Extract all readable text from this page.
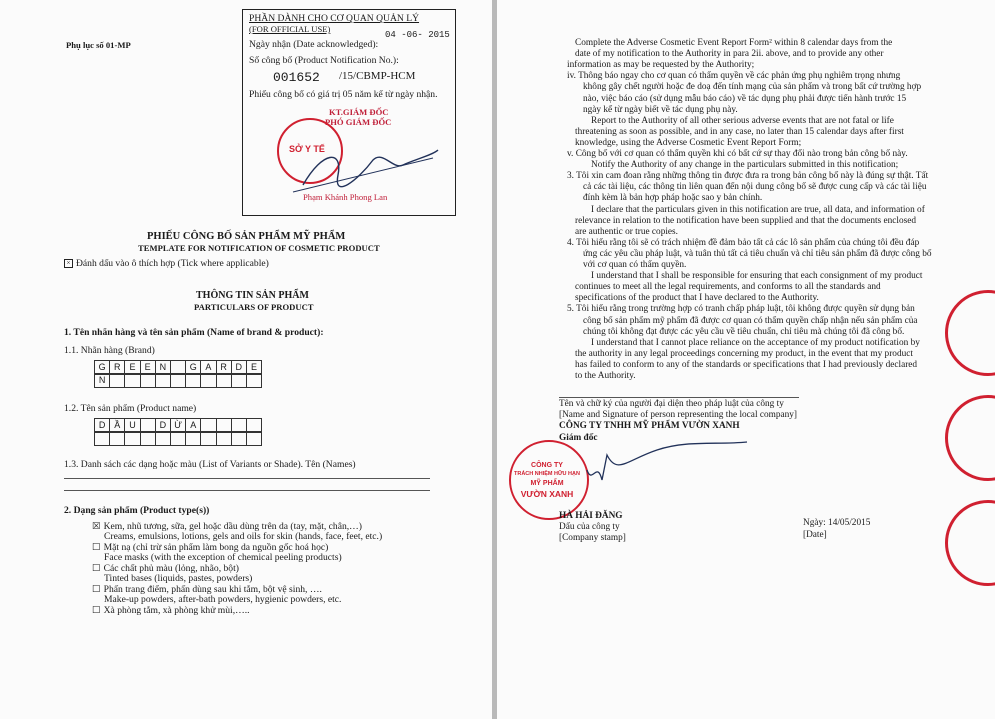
Phụ lục số 01-MP
PHẦN DÀNH CHO CƠ QUAN QUẢN LÝ
(FOR OFFICIAL USE)
Ngày nhận (Date acknowledged):
04 -06- 2015
Số công bố (Product Notification No.):
001652 /15/CBMP-HCM
Phiếu công bố có giá trị 05 năm kể từ ngày nhận.
KT.GIÁM ĐỐC
PHÓ GIÁM ĐỐC
SỞ Y TẾ
Phạm Khánh Phong Lan
PHIẾU CÔNG BỐ SẢN PHẨM MỸ PHẨM
TEMPLATE FOR NOTIFICATION OF COSMETIC PRODUCT
× Đánh dấu vào ô thích hợp (Tick where applicable)
THÔNG TIN SẢN PHẨM
PARTICULARS OF PRODUCT
1. Tên nhãn hàng và tên sản phẩm (Name of brand & product):
1.1. Nhãn hàng (Brand)
G R E	E N	G A R D E
N
1.2. Tên sản phẩm (Product name)
D Ầ U	D Ừ A
1.3. Danh sách các dạng hoặc màu (List of Variants or Shade). Tên (Names)
2. Dạng sản phẩm (Product type(s))
☒ Kem, nhũ tương, sữa, gel hoặc dầu dùng trên da (tay, mặt, chân,…)
Creams, emulsions, lotions, gels and oils for skin (hands, face, feet, etc.)
☐ Mặt nạ (chỉ trừ sản phẩm làm bong da nguồn gốc hoá học)
Face masks (with the exception of chemical peeling products)
☐ Các chất phủ màu (lỏng, nhão, bột)
Tinted bases (liquids, pastes, powders)
☐ Phấn trang điểm, phấn dùng sau khi tắm, bột vệ sinh, ….
Make-up powders, after-bath powders, hygienic powders, etc.
☐ Xà phòng tắm, xà phòng khử mùi,…..
Complete the Adverse Cosmetic Event Report Form² within 8 calendar days from the
date of my notification to the Authority in para 2ii. above, and to provide any other
information as may be requested by the Authority;
iv. Thông báo ngay cho cơ quan có thẩm quyền về các phản ứng phụ nghiêm trọng nhưng
không gây chết người hoặc đe doạ đến tính mạng của sản phẩm và trong bất cứ trường hợp
nào, việc báo cáo (sử dụng mẫu báo cáo) về tác dụng phụ phải được tiến hành trước 15
ngày kể từ ngày biết về tác dụng phụ này.
Report to the Authority of all other serious adverse events that are not fatal or life
threatening as soon as possible, and in any case, no later than 15 calendar days after first
knowledge, using the Adverse Cosmetic Event Report Form;
v. Công bố với cơ quan có thẩm quyền khi có bất cứ sự thay đổi nào trong bản công bố này.
Notify the Authority of any change in the particulars submitted in this notification;
3. Tôi xin cam đoan rằng những thông tin được đưa ra trong bản công bố này là đúng sự thật. Tất
cả các tài liệu, các thông tin liên quan đến nội dung công bố sẽ được cung cấp và các tài liệu
đính kèm là bản hợp pháp hoặc sao y bản chính.
I declare that the particulars given in this notification are true, all data, and information of
relevance in relation to the notification have been supplied and that the documents enclosed
are authentic or true copies.
4. Tôi hiểu rằng tôi sẽ có trách nhiệm đề đảm bảo tất cả các lô sản phẩm của chúng tôi đều đáp
ứng các yêu cầu pháp luật, và tuân thủ tất cả tiêu chuẩn và chỉ tiêu sản phẩm đã được công bố
với cơ quan có thẩm quyền.
I understand that I shall be responsible for ensuring that each consignment of my product
continues to meet all the legal requirements, and conforms to all the standards and
specifications of the product that I have declared to the Authority.
5. Tôi hiểu rằng trong trường hợp có tranh chấp pháp luật, tôi không được quyền sử dụng bản
công bố sản phẩm mỹ phẩm đã được cơ quan có thẩm quyền chấp nhận nếu sản phẩm của
chúng tôi không đạt được các yêu cầu về tiêu chuẩn, chỉ tiêu mà chúng tôi đã công bố.
I understand that I cannot place reliance on the acceptance of my product notification by
the authority in any legal proceedings concerning my product, in the event that my product
has failed to conform to any of the standards or specifications that I had previously declared
to the Authority.
Tên và chữ ký của người đại diện theo pháp luật của công ty
[Name and Signature of person representing the local company]
CÔNG TY TNHH MỸ PHẨM VƯỜN XANH
Giám đốc
CÔNG TY
TRÁCH NHIỆM HỮU HẠN
MỸ PHẨM
VƯỜN XANH
HÀ HẢI ĐĂNG
Dấu của công ty
[Company stamp]
Ngày: 14/05/2015
[Date]
